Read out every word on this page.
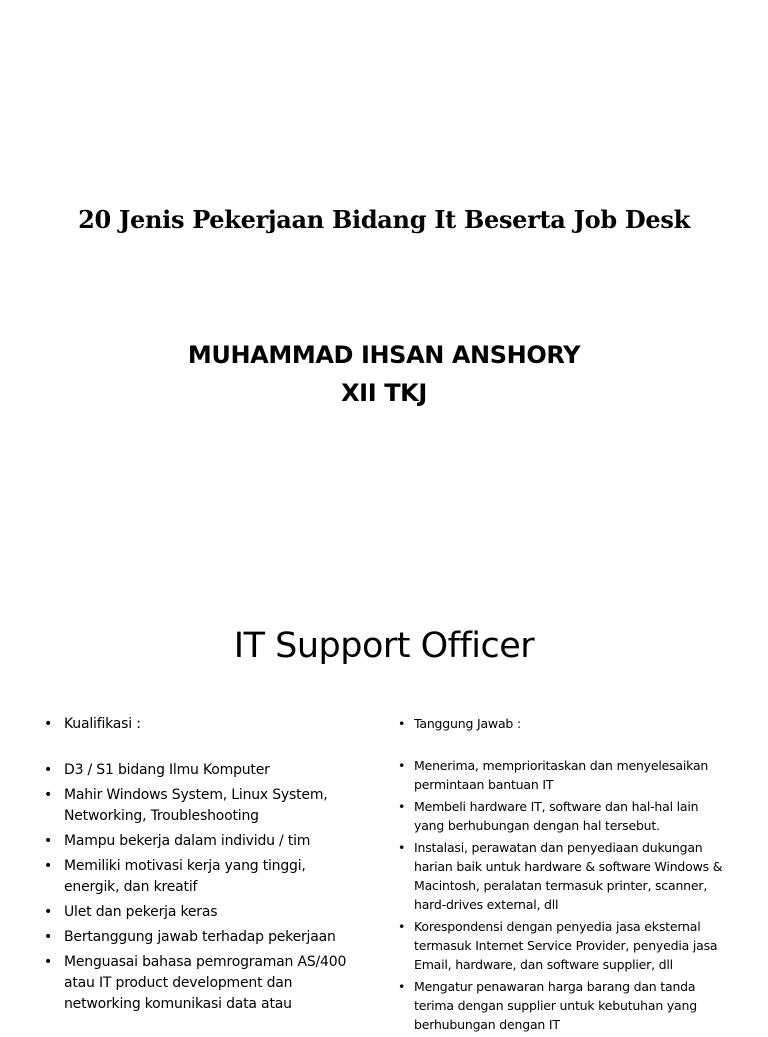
20 Jenis Pekerjaan Bidang It Beserta Job Desk
MUHAMMAD IHSAN ANSHORY
XII TKJ
IT Support Officer
• Kualifikasi :
• D3 / S1 bidang Ilmu Komputer
• Mahir Windows System, Linux System, Networking, Troubleshooting
• Mampu bekerja dalam individu / tim
• Memiliki motivasi kerja yang tinggi, energik, dan kreatif
• Ulet dan pekerja keras
• Bertanggung jawab terhadap pekerjaan
• Menguasai bahasa pemrograman AS/400 atau IT product development dan networking komunikasi data atau
• Tanggung Jawab :
• Menerima, memprioritaskan dan menyelesaikan permintaan bantuan IT
• Membeli hardware IT, software dan hal-hal lain yang berhubungan dengan hal tersebut.
• Instalasi, perawatan dan penyediaan dukungan harian baik untuk hardware & software Windows & Macintosh, peralatan termasuk printer, scanner, hard-drives external, dll
• Korespondensi dengan penyedia jasa eksternal termasuk Internet Service Provider, penyedia jasa Email, hardware, dan software supplier, dll
• Mengatur penawaran harga barang dan tanda terima dengan supplier untuk kebutuhan yang berhubungan dengan IT
